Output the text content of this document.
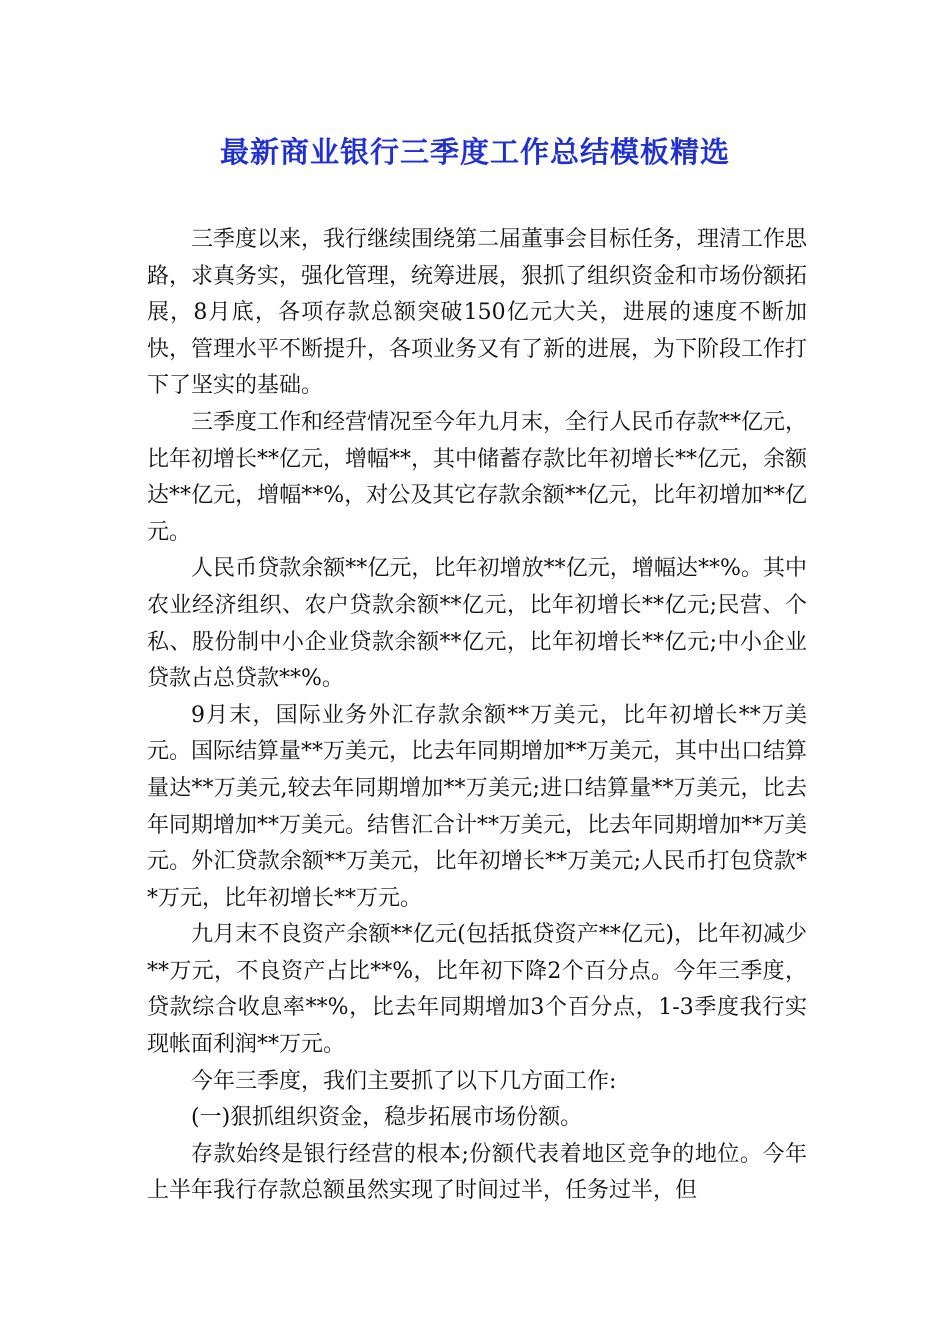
最新商业银行三季度工作总结模板精选

三季度以来，我行继续围绕第二届董事会目标任务，理清工作思路，求真务实，强化管理，统筹进展，狠抓了组织资金和市场份额拓展，8月底，各项存款总额突破150亿元大关，进展的速度不断加快，管理水平不断提升，各项业务又有了新的进展，为下阶段工作打下了坚实的基础。

三季度工作和经营情况至今年九月末，全行人民币存款**亿元，比年初增长**亿元，增幅**，其中储蓄存款比年初增长**亿元，余额达**亿元，增幅**%，对公及其它存款余额**亿元，比年初增加**亿元。

人民币贷款余额**亿元，比年初增放**亿元，增幅达**%。其中农业经济组织、农户贷款余额**亿元，比年初增长**亿元;民营、个私、股份制中小企业贷款余额**亿元，比年初增长**亿元;中小企业贷款占总贷款**%。

9月末，国际业务外汇存款余额**万美元，比年初增长**万美元。国际结算量**万美元，比去年同期增加**万美元，其中出口结算量达**万美元,较去年同期增加**万美元;进口结算量**万美元，比去年同期增加**万美元。结售汇合计**万美元，比去年同期增加**万美元。外汇贷款余额**万美元，比年初增长**万美元;人民币打包贷款**万元，比年初增长**万元。

九月末不良资产余额**亿元(包括抵贷资产**亿元)，比年初减少**万元，不良资产占比**%，比年初下降2个百分点。今年三季度，贷款综合收息率**%，比去年同期增加3个百分点，1-3季度我行实现帐面利润**万元。

今年三季度，我们主要抓了以下几方面工作:

(一)狠抓组织资金，稳步拓展市场份额。

存款始终是银行经营的根本;份额代表着地区竞争的地位。今年上半年我行存款总额虽然实现了时间过半，任务过半，但
